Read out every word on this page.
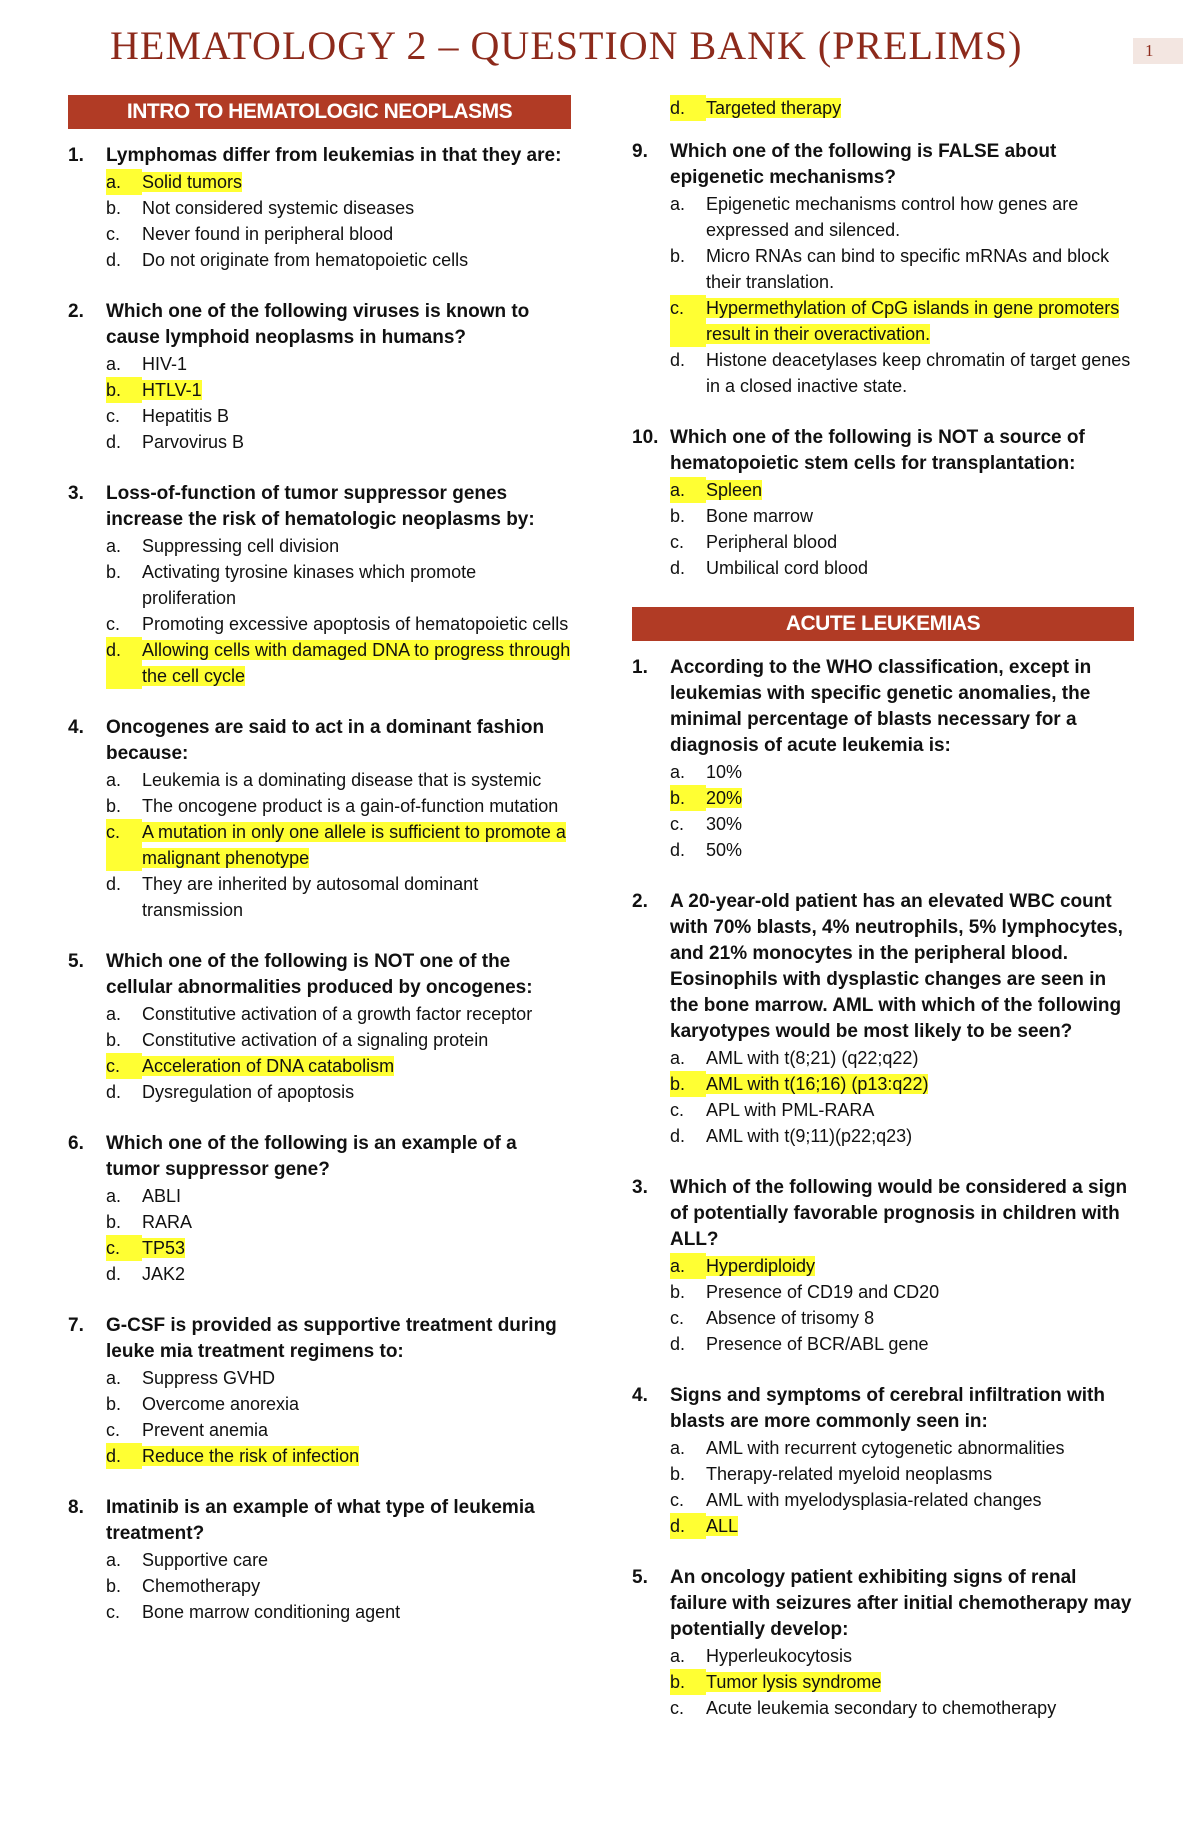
HEMATOLOGY 2 – QUESTION BANK (PRELIMS)	1
INTRO TO HEMATOLOGIC NEOPLASMS
1.	Lymphomas differ from leukemias in that they are:
a.	Solid tumors
b.	Not considered systemic diseases
c.	Never found in peripheral blood
d.	Do not originate from hematopoietic cells
2.	Which one of the following viruses is known to cause lymphoid neoplasms in humans?
a.	HIV-1
b.	HTLV-1
c.	Hepatitis B
d.	Parvovirus B
3.	Loss-of-function of tumor suppressor genes increase the risk of hematologic neoplasms by:
a.	Suppressing cell division
b.	Activating tyrosine kinases which promote proliferation
c.	Promoting excessive apoptosis of hematopoietic cells
d.	Allowing cells with damaged DNA to progress through the cell cycle
4.	Oncogenes are said to act in a dominant fashion because:
a.	Leukemia is a dominating disease that is systemic
b.	The oncogene product is a gain-of-function mutation
c.	A mutation in only one allele is sufficient to promote a malignant phenotype
d.	They are inherited by autosomal dominant transmission
5.	Which one of the following is NOT one of the cellular abnormalities produced by oncogenes:
a.	Constitutive activation of a growth factor receptor
b.	Constitutive activation of a signaling protein
c.	Acceleration of DNA catabolism
d.	Dysregulation of apoptosis
6.	Which one of the following is an example of a tumor suppressor gene?
a.	ABLI
b.	RARA
c.	TP53
d.	JAK2
7.	G-CSF is provided as supportive treatment during leuke mia treatment regimens to:
a.	Suppress GVHD
b.	Overcome anorexia
c.	Prevent anemia
d.	Reduce the risk of infection
8.	Imatinib is an example of what type of leukemia treatment?
a.	Supportive care
b.	Chemotherapy
c.	Bone marrow conditioning agent
d.	Targeted therapy
9.	Which one of the following is FALSE about epigenetic mechanisms?
a.	Epigenetic mechanisms control how genes are expressed and silenced.
b.	Micro RNAs can bind to specific mRNAs and block their translation.
c.	Hypermethylation of CpG islands in gene promoters result in their overactivation.
d.	Histone deacetylases keep chromatin of target genes in a closed inactive state.
10. Which one of the following is NOT a source of hematopoietic stem cells for transplantation:
a.	Spleen
b.	Bone marrow
c.	Peripheral blood
d.	Umbilical cord blood
ACUTE LEUKEMIAS
1.	According to the WHO classification, except in leukemias with specific genetic anomalies, the minimal percentage of blasts necessary for a diagnosis of acute leukemia is:
a.	10%
b.	20%
c.	30%
d.	50%
2.	A 20-year-old patient has an elevated WBC count with 70% blasts, 4% neutrophils, 5% lymphocytes, and 21% monocytes in the peripheral blood. Eosinophils with dysplastic changes are seen in the bone marrow. AML with which of the following karyotypes would be most likely to be seen?
a.	AML with t(8;21) (q22;q22)
b.	AML with t(16;16) (p13:q22)
c.	APL with PML-RARA
d.	AML with t(9;11)(p22;q23)
3.	Which of the following would be considered a sign of potentially favorable prognosis in children with ALL?
a.	Hyperdiploidy
b.	Presence of CD19 and CD20
c.	Absence of trisomy 8
d.	Presence of BCR/ABL gene
4.	Signs and symptoms of cerebral infiltration with blasts are more commonly seen in:
a.	AML with recurrent cytogenetic abnormalities
b.	Therapy-related myeloid neoplasms
c.	AML with myelodysplasia-related changes
d.	ALL
5.	An oncology patient exhibiting signs of renal failure with seizures after initial chemotherapy may potentially develop:
a.	Hyperleukocytosis
b.	Tumor lysis syndrome
c.	Acute leukemia secondary to chemotherapy
